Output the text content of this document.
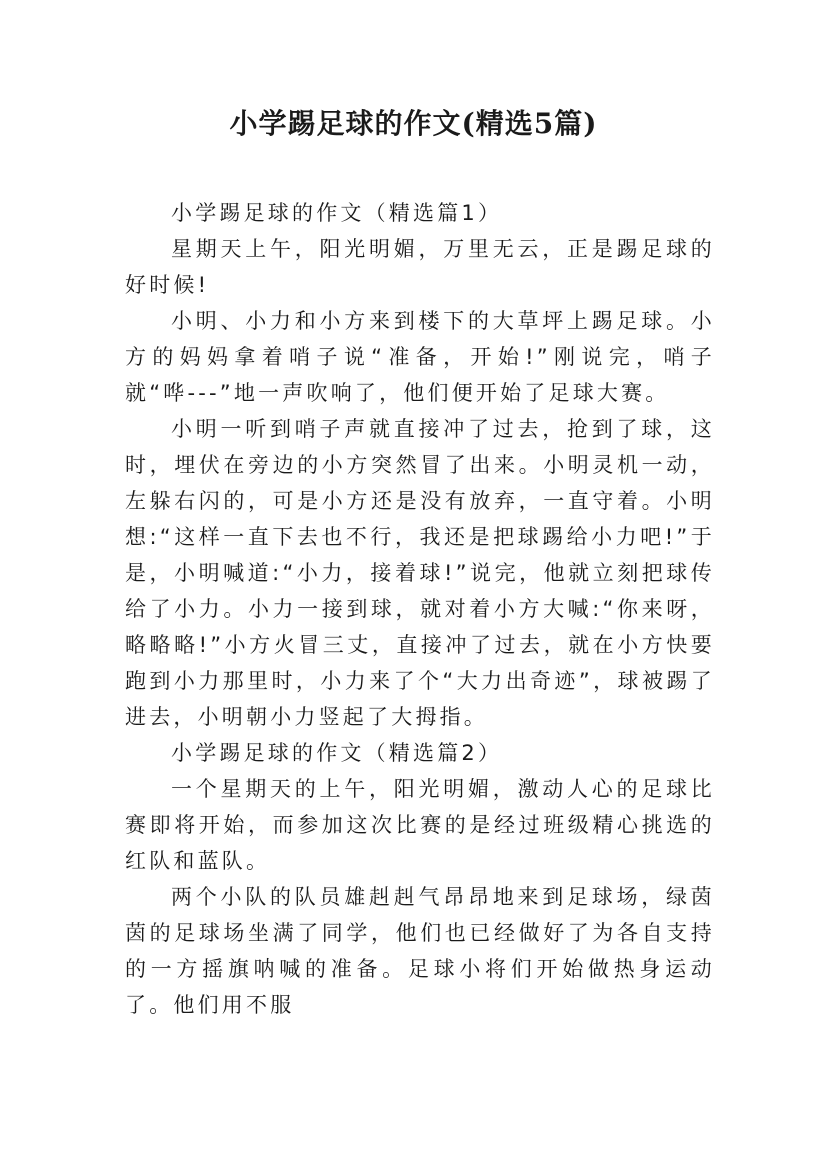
小学踢足球的作文(精选5篇)

小学踢足球的作文（精选篇1）

星期天上午，阳光明媚，万里无云，正是踢足球的好时候!

小明、小力和小方来到楼下的大草坪上踢足球。小方的妈妈拿着哨子说“准备，开始!”刚说完，哨子就“哗---”地一声吹响了，他们便开始了足球大赛。

小明一听到哨子声就直接冲了过去，抢到了球，这时，埋伏在旁边的小方突然冒了出来。小明灵机一动，左躲右闪的，可是小方还是没有放弃，一直守着。小明想:“这样一直下去也不行，我还是把球踢给小力吧!”于是，小明喊道:“小力，接着球!”说完，他就立刻把球传给了小力。小力一接到球，就对着小方大喊:“你来呀，略略略!”小方火冒三丈，直接冲了过去，就在小方快要跑到小力那里时，小力来了个“大力出奇迹”，球被踢了进去，小明朝小力竖起了大拇指。

小学踢足球的作文（精选篇2）

一个星期天的上午，阳光明媚，激动人心的足球比赛即将开始，而参加这次比赛的是经过班级精心挑选的红队和蓝队。

两个小队的队员雄赳赳气昂昂地来到足球场，绿茵茵的足球场坐满了同学，他们也已经做好了为各自支持的一方摇旗呐喊的准备。足球小将们开始做热身运动了。他们用不服
